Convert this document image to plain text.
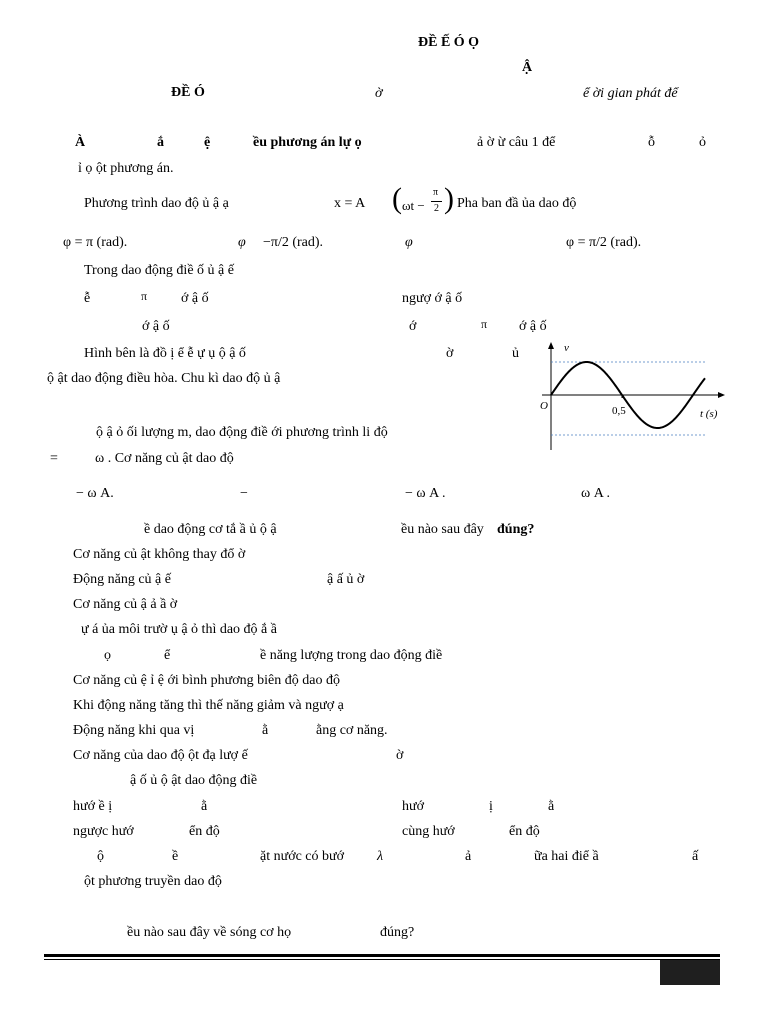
ĐỀ Ế Ó Ọ
Ậ
ĐỀ Ó	ờ	ể ời gian phát để
À	ắ	ệ	ều phương án lự ọ	ả ờ ừ câu 1 để	ỗ	ỏ
ỉ ọ ột phương án.
Phương trình dao độ ủ ậ ạ	x = A ( ωt −
π
2 ) Pha ban đầ ủa dao độ
φ = π (rad).	φ −π/2 (rad).	φ	φ = π/2 (rad).
Trong dao động điề ố ủ ậ ế
ễ	π ớ ậ ố	ngượ ớ ậ ố
ớ ậ ố	ớ	π ớ ậ ố
Hình bên là đồ ị ể ễ ự ụ ộ ậ ố	ờ	ủ
ộ ật dao động điều hòa. Chu kì dao độ ủ ậ
v
O	0,5	t (s)
ộ ậ ỏ ối lượng m, dao động điề ới phương trình li độ
=	ω . Cơ năng củ ật dao độ
− ω A.	−	− ω A .	ω A .
ề dao động cơ tắ ầ ủ ộ ậ	ều nào sau đây đúng?
Cơ năng củ ật không thay đổ ờ
Động năng củ ậ ế	ậ ấ ủ ờ
Cơ năng củ ậ ả ầ ờ
ự á ủa môi trườ ụ ậ ỏ thì dao độ ắ ầ
ọ	ể	ề năng lượng trong dao động điề
Cơ năng củ ệ ỉ ệ ới bình phương biên độ dao độ
Khi động năng tăng thì thế năng giảm và ngượ ạ
Động năng khi qua vị	ằ	ằng cơ năng.
Cơ năng của dao độ ột đạ lượ ế	ờ
ậ ố ủ ộ ật dao động điề
hướ ề ị	ằ	hướ	ị	ằ
ngược hướ	ển độ	cùng hướ	ển độ
ộ	ề	ặt nước có bướ λ	ả	ữa hai điể ầ	ấ
ột phương truyền dao độ
ều nào sau đây về sóng cơ họ	đúng?
